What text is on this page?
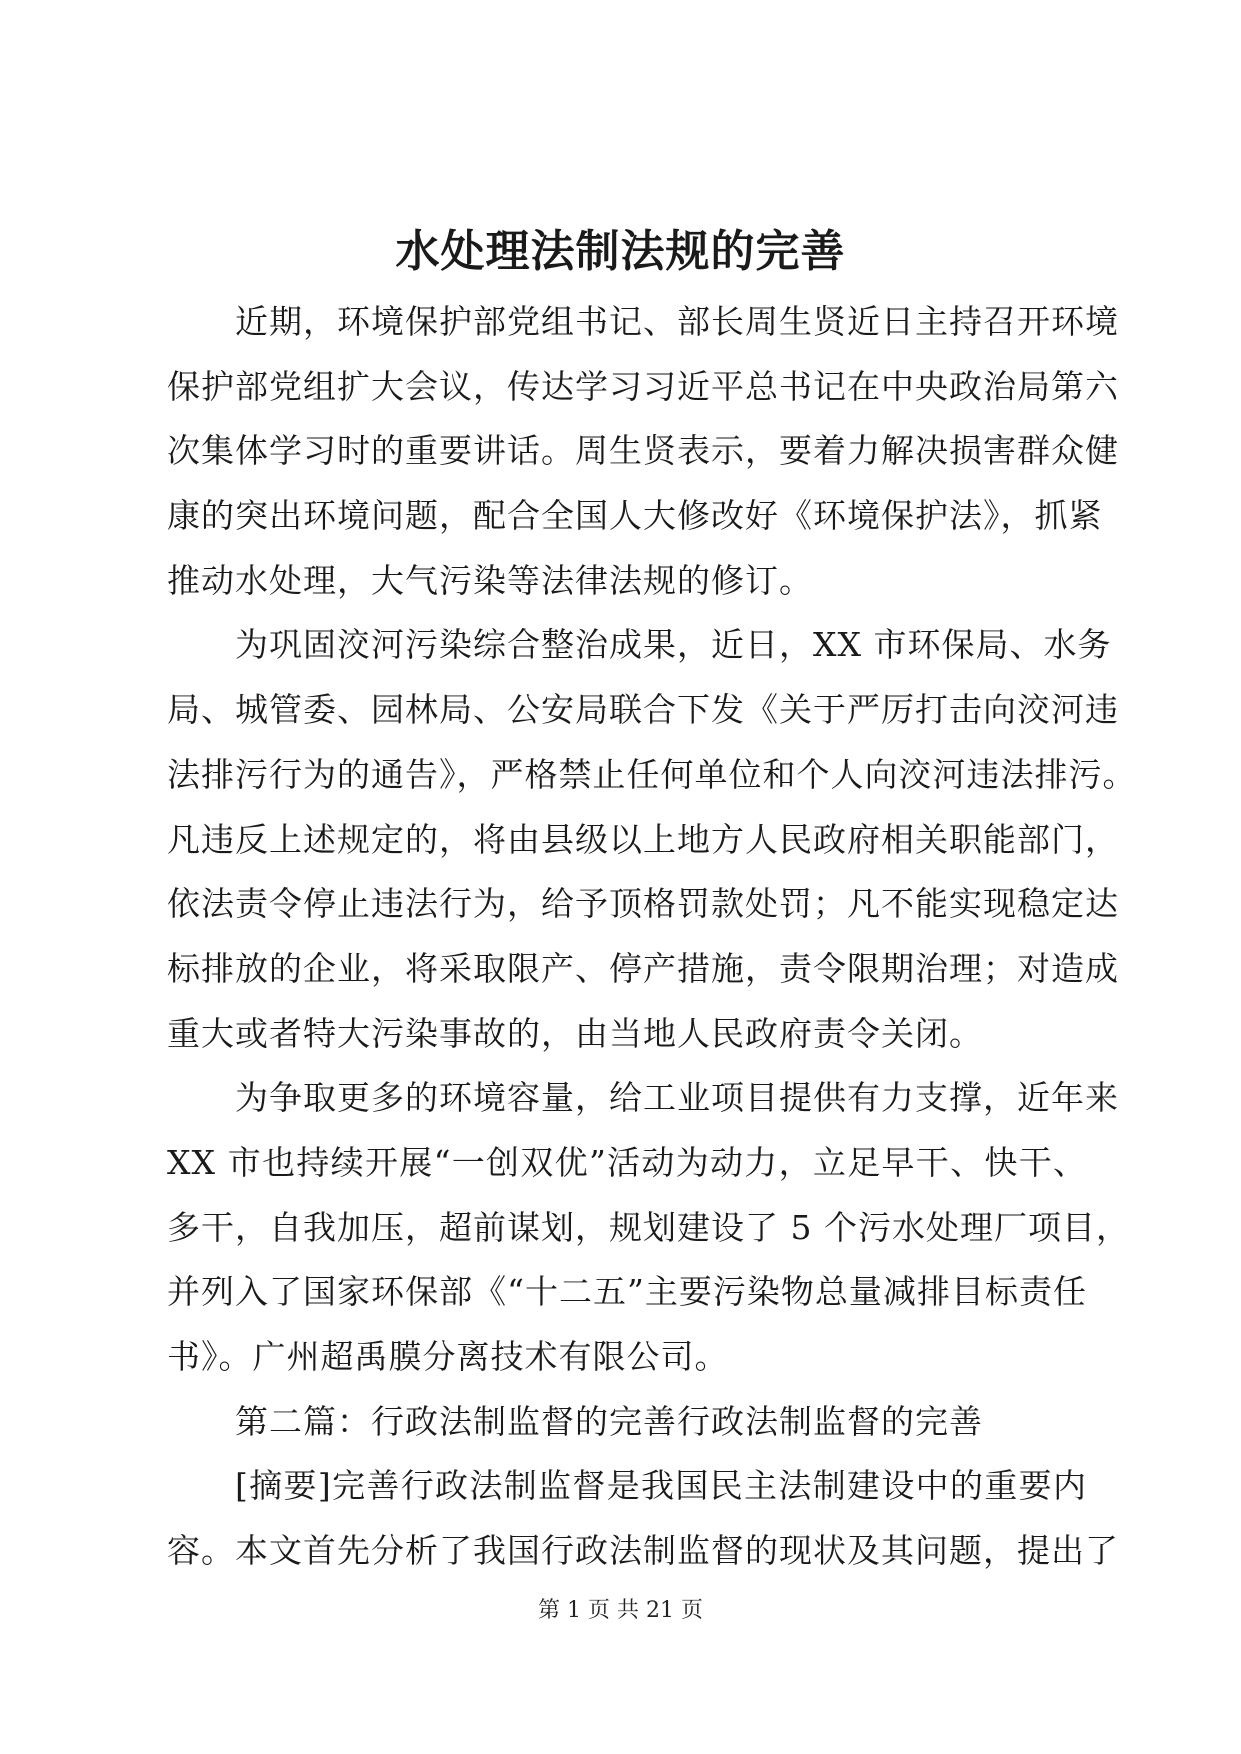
水处理法制法规的完善
近期，环境保护部党组书记、部长周生贤近日主持召开环境
保护部党组扩大会议，传达学习习近平总书记在中央政治局第六
次集体学习时的重要讲话。周生贤表示，要着力解决损害群众健
康的突出环境问题，配合全国人大修改好《环境保护法》，抓紧
推动水处理，大气污染等法律法规的修订。
为巩固洨河污染综合整治成果，近日，XX 市环保局、水务
局、城管委、园林局、公安局联合下发《关于严厉打击向洨河违
法排污行为的通告》，严格禁止任何单位和个人向洨河违法排污。
凡违反上述规定的，将由县级以上地方人民政府相关职能部门，
依法责令停止违法行为，给予顶格罚款处罚；凡不能实现稳定达
标排放的企业，将采取限产、停产措施，责令限期治理；对造成
重大或者特大污染事故的，由当地人民政府责令关闭。
为争取更多的环境容量，给工业项目提供有力支撑，近年来
XX 市也持续开展“一创双优”活动为动力，立足早干、快干、
多干，自我加压，超前谋划，规划建设了 5 个污水处理厂项目，
并列入了国家环保部《“十二五”主要污染物总量减排目标责任
书》。广州超禹膜分离技术有限公司。
第二篇：行政法制监督的完善行政法制监督的完善
[摘要]完善行政法制监督是我国民主法制建设中的重要内
容。本文首先分析了我国行政法制监督的现状及其问题，提出了
第 1 页 共 21 页
